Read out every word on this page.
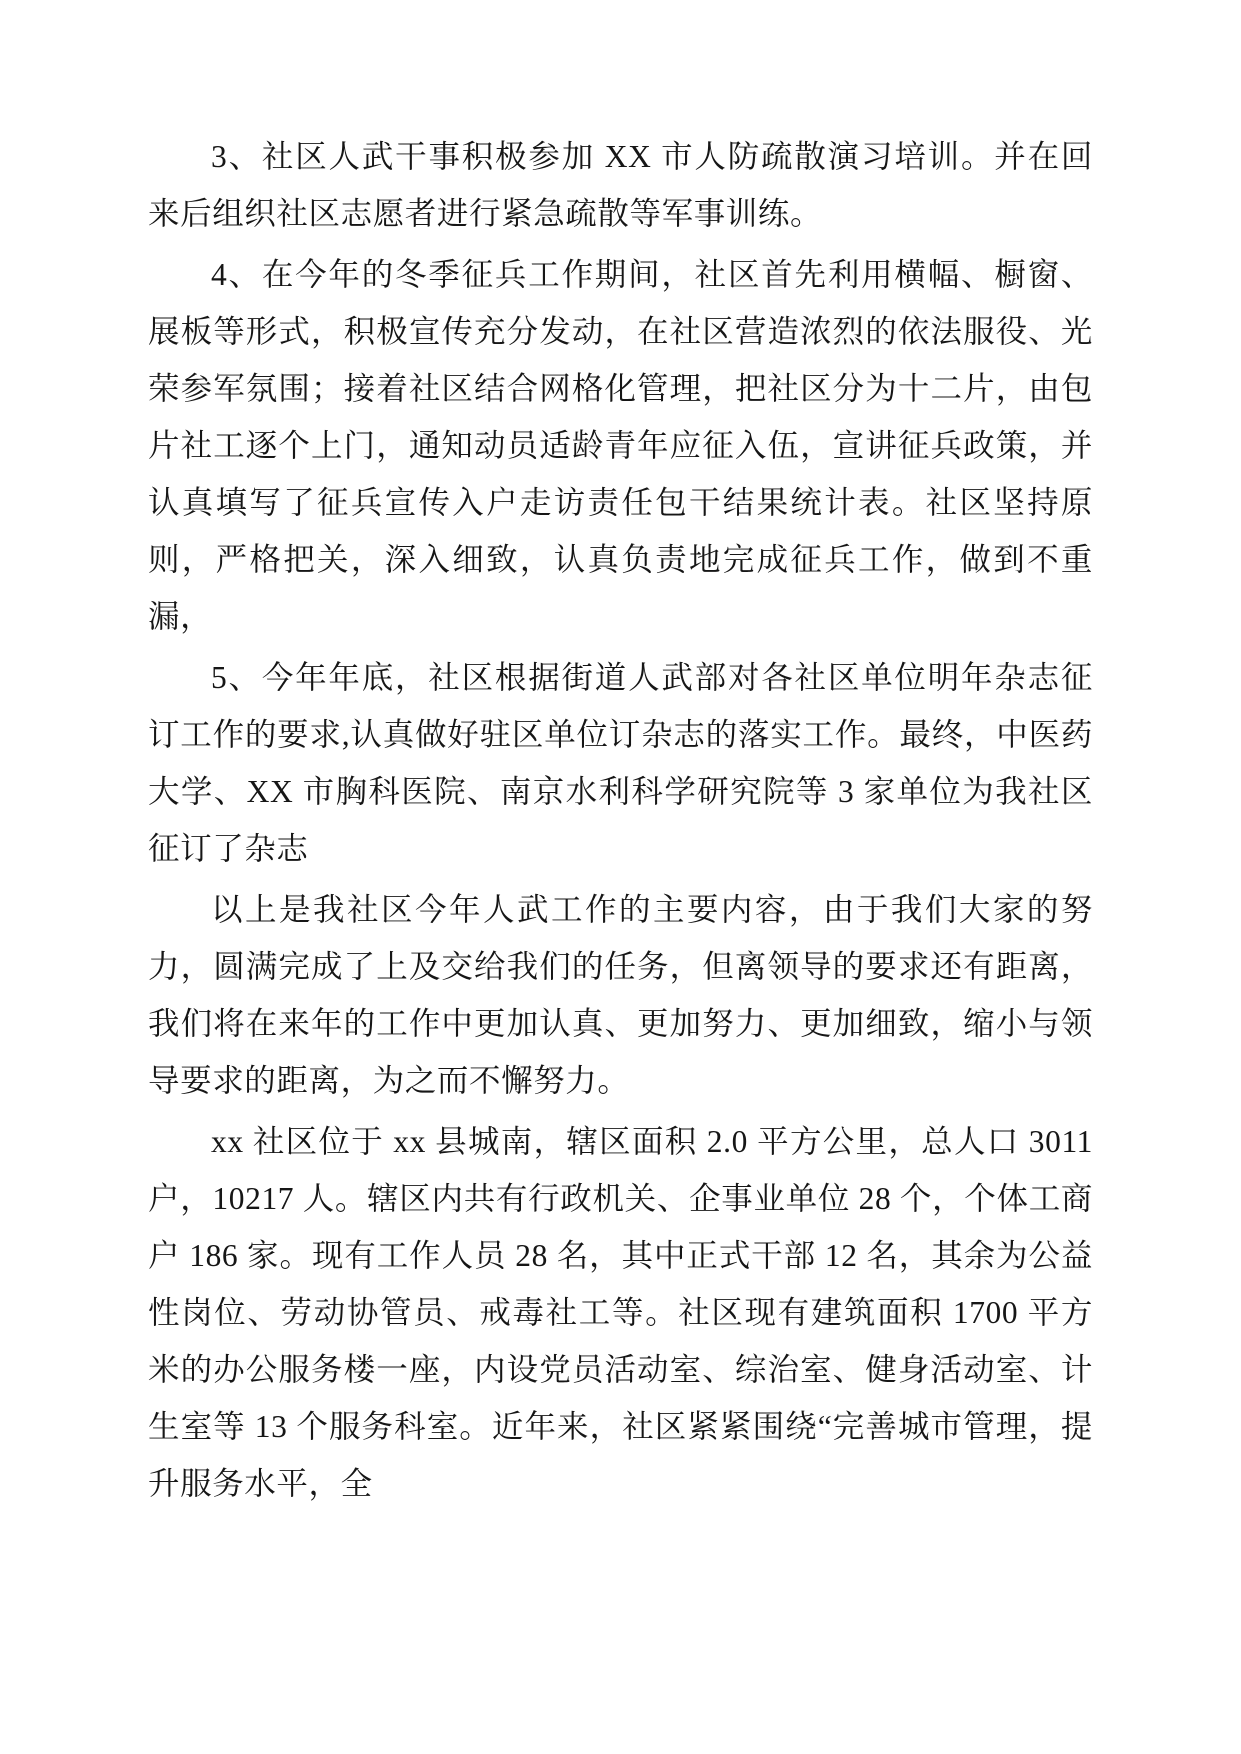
3、社区人武干事积极参加 XX 市人防疏散演习培训。并在回来后组织社区志愿者进行紧急疏散等军事训练。

4、在今年的冬季征兵工作期间，社区首先利用横幅、橱窗、展板等形式，积极宣传充分发动，在社区营造浓烈的依法服役、光荣参军氛围；接着社区结合网格化管理，把社区分为十二片，由包片社工逐个上门，通知动员适龄青年应征入伍，宣讲征兵政策，并认真填写了征兵宣传入户走访责任包干结果统计表。社区坚持原则，严格把关，深入细致，认真负责地完成征兵工作，做到不重漏，

5、今年年底，社区根据街道人武部对各社区单位明年杂志征订工作的要求,认真做好驻区单位订杂志的落实工作。最终，中医药大学、XX 市胸科医院、南京水利科学研究院等 3 家单位为我社区征订了杂志

以上是我社区今年人武工作的主要内容，由于我们大家的努力，圆满完成了上及交给我们的任务，但离领导的要求还有距离，我们将在来年的工作中更加认真、更加努力、更加细致，缩小与领导要求的距离，为之而不懈努力。

xx 社区位于 xx 县城南，辖区面积 2.0 平方公里，总人口 3011 户，10217 人。辖区内共有行政机关、企事业单位 28 个，个体工商户 186 家。现有工作人员 28 名，其中正式干部 12 名，其余为公益性岗位、劳动协管员、戒毒社工等。社区现有建筑面积 1700 平方米的办公服务楼一座，内设党员活动室、综治室、健身活动室、计生室等 13 个服务科室。近年来，社区紧紧围绕“完善城市管理，提升服务水平，全
